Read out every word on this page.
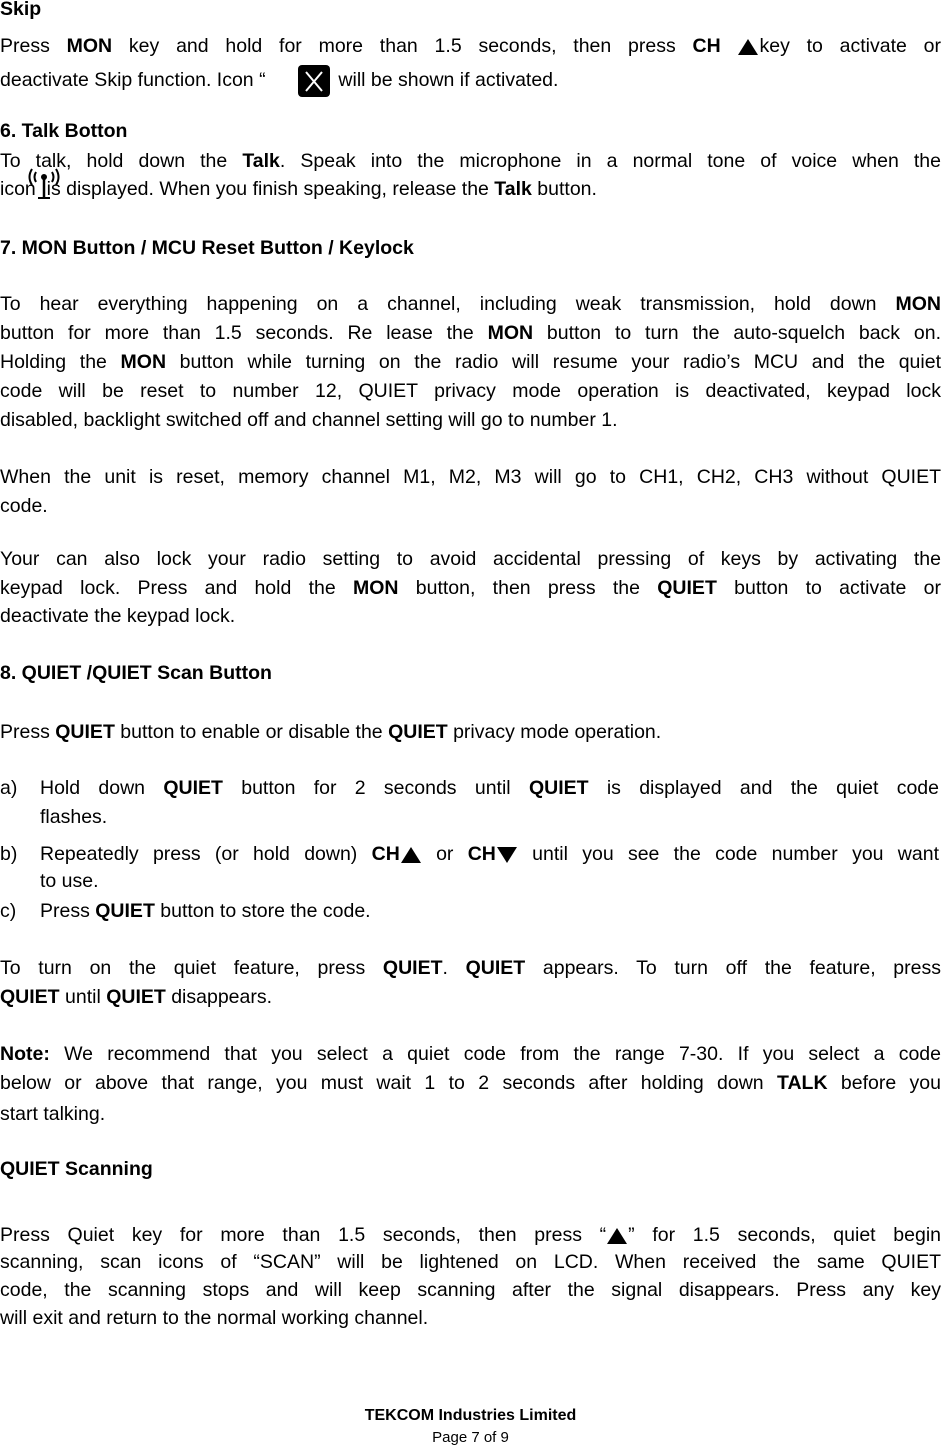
Skip
Press MON key and hold for more than 1.5 seconds, then press CH key to activate or
deactivate Skip function. Icon “	will be shown if activated.
6. Talk Botton
To talk, hold down the Talk. Speak into the microphone in a normal tone of voice when the
icon is displayed. When you finish speaking, release the Talk button.
7. MON Button / MCU Reset Button / Keylock
To hear everything happening on a channel, including weak transmission, hold down MON
button for more than 1.5 seconds. Re lease the MON button to turn the auto-squelch back on.
Holding the MON button while turning on the radio will resume your radio’s MCU and the quiet
code will be reset to number 12, QUIET privacy mode operation is deactivated, keypad lock
disabled, backlight switched off and channel setting will go to number 1.
When the unit is reset, memory channel M1, M2, M3 will go to CH1, CH2, CH3 without QUIET
code.
Your can also lock your radio setting to avoid accidental pressing of keys by activating the
keypad lock. Press and hold the MON button, then press the QUIET button to activate or
deactivate the keypad lock.
8. QUIET /QUIET Scan Button
Press QUIET button to enable or disable the QUIET privacy mode operation.
a) Hold down QUIET button for 2 seconds until QUIET is displayed and the quiet code
flashes.
b) Repeatedly press (or hold down) CH or CH until you see the code number you want
to use.
c) Press QUIET button to store the code.
To turn on the quiet feature, press QUIET. QUIET appears. To turn off the feature, press
QUIET until QUIET disappears.
Note: We recommend that you select a quiet code from the range 7-30. If you select a code
below or above that range, you must wait 1 to 2 seconds after holding down TALK before you
start talking.
QUIET Scanning
Press Quiet key for more than 1.5 seconds, then press “ ” for 1.5 seconds, quiet begin
scanning, scan icons of “SCAN” will be lightened on LCD. When received the same QUIET
code, the scanning stops and will keep scanning after the signal disappears. Press any key
will exit and return to the normal working channel.
TEKCOM Industries Limited
Page 7 of 9
